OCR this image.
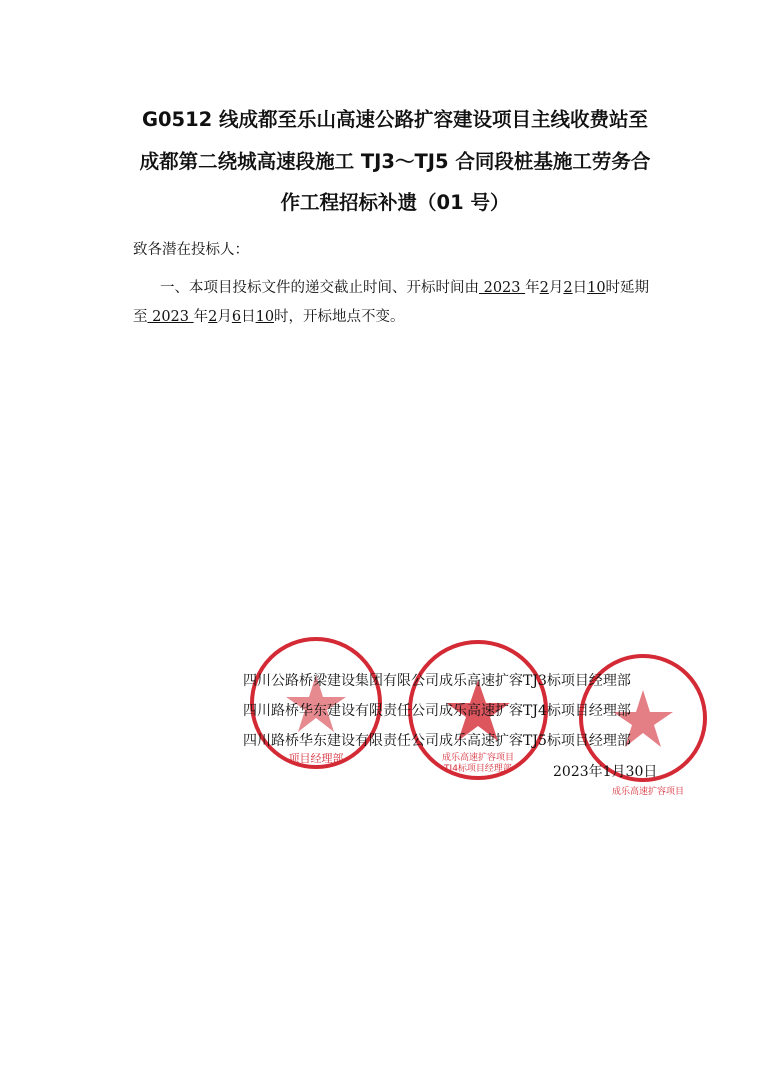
G0512 线成都至乐山高速公路扩容建设项目主线收费站至
成都第二绕城高速段施工 TJ3～TJ5 合同段桩基施工劳务合
作工程招标补遗（01 号）
致各潜在投标人：
一、本项目投标文件的递交截止时间、开标时间由 2023 年2月2日10时延期
至 2023 年2月6日10时，开标地点不变。
项目经理部	成乐高速扩容项目
TJ4标项目经理部
成乐高速扩容项目
四川公路桥梁建设集团有限公司成乐高速扩容TJ3标项目经理部
四川路桥华东建设有限责任公司成乐高速扩容TJ4标项目经理部
四川路桥华东建设有限责任公司成乐高速扩容TJ5标项目经理部
2023年1月30日
